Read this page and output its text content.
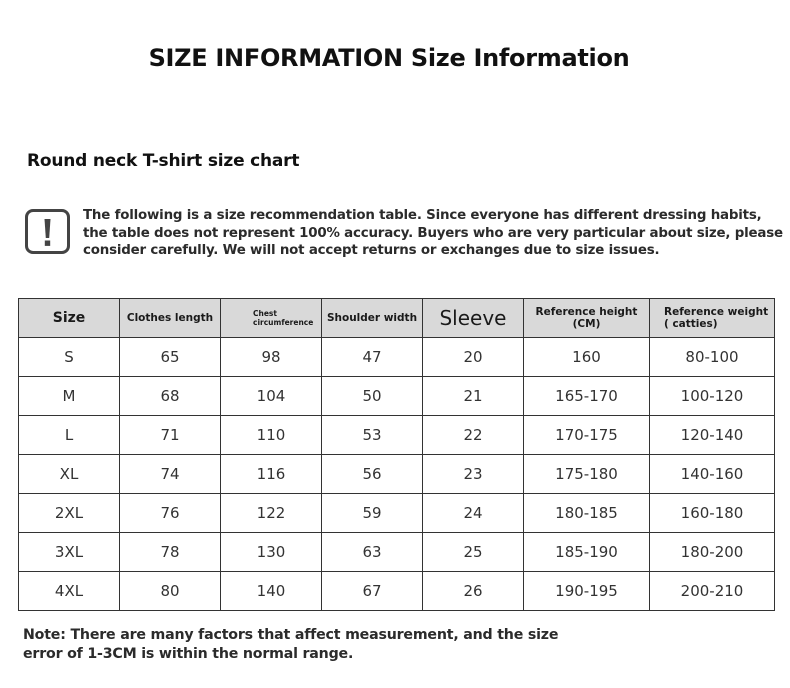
SIZE INFORMATION Size Information
Round neck T-shirt size chart
The following is a size recommendation table. Since everyone has different dressing habits, the table does not represent 100% accuracy. Buyers who are very particular about size, please consider carefully. We will not accept returns or exchanges due to size issues.
Size	Clothes length	Chest circumference	Shoulder width	Sleeve	Reference height (CM)	Reference weight ( catties)
S	65	98	47	20	160	80-100
M	68	104	50	21	165-170	100-120
L	71	110	53	22	170-175	120-140
XL	74	116	56	23	175-180	140-160
2XL	76	122	59	24	180-185	160-180
3XL	78	130	63	25	185-190	180-200
4XL	80	140	67	26	190-195	200-210
Note: There are many factors that affect measurement, and the size error of 1-3CM is within the normal range.
